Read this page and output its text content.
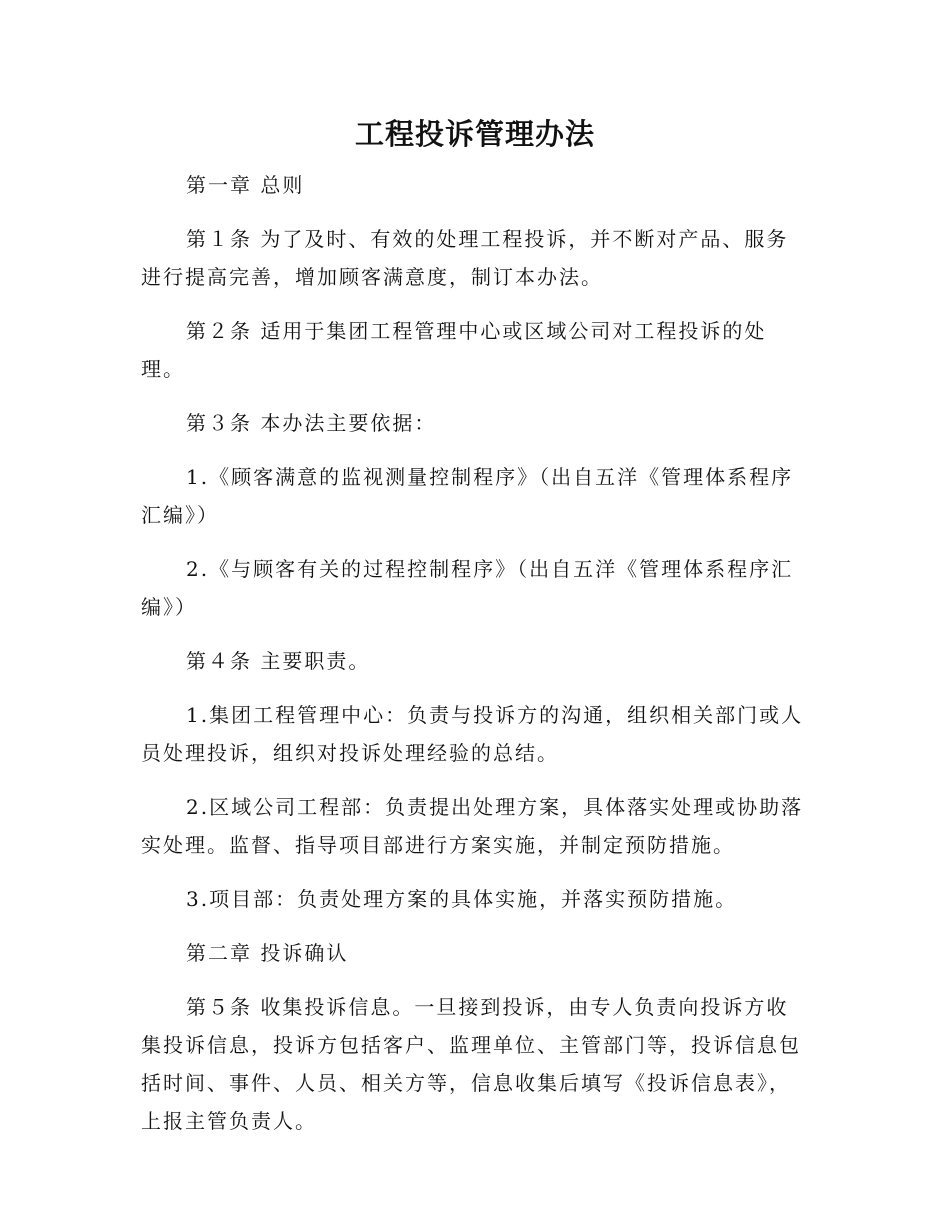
工程投诉管理办法

第一章 总则

第１条 为了及时、有效的处理工程投诉，并不断对产品、服务进行提高完善，增加顾客满意度，制订本办法。

第２条 适用于集团工程管理中心或区域公司对工程投诉的处理。

第３条 本办法主要依据：

1.《顾客满意的监视测量控制程序》（出自五洋《管理体系程序汇编》）

2.《与顾客有关的过程控制程序》（出自五洋《管理体系程序汇编》）

第４条 主要职责。

1.集团工程管理中心：负责与投诉方的沟通，组织相关部门或人员处理投诉，组织对投诉处理经验的总结。

2.区域公司工程部：负责提出处理方案，具体落实处理或协助落实处理。监督、指导项目部进行方案实施，并制定预防措施。

3.项目部：负责处理方案的具体实施，并落实预防措施。

第二章 投诉确认

第５条 收集投诉信息。一旦接到投诉，由专人负责向投诉方收集投诉信息，投诉方包括客户、监理单位、主管部门等，投诉信息包括时间、事件、人员、相关方等，信息收集后填写《投诉信息表》，上报主管负责人。
